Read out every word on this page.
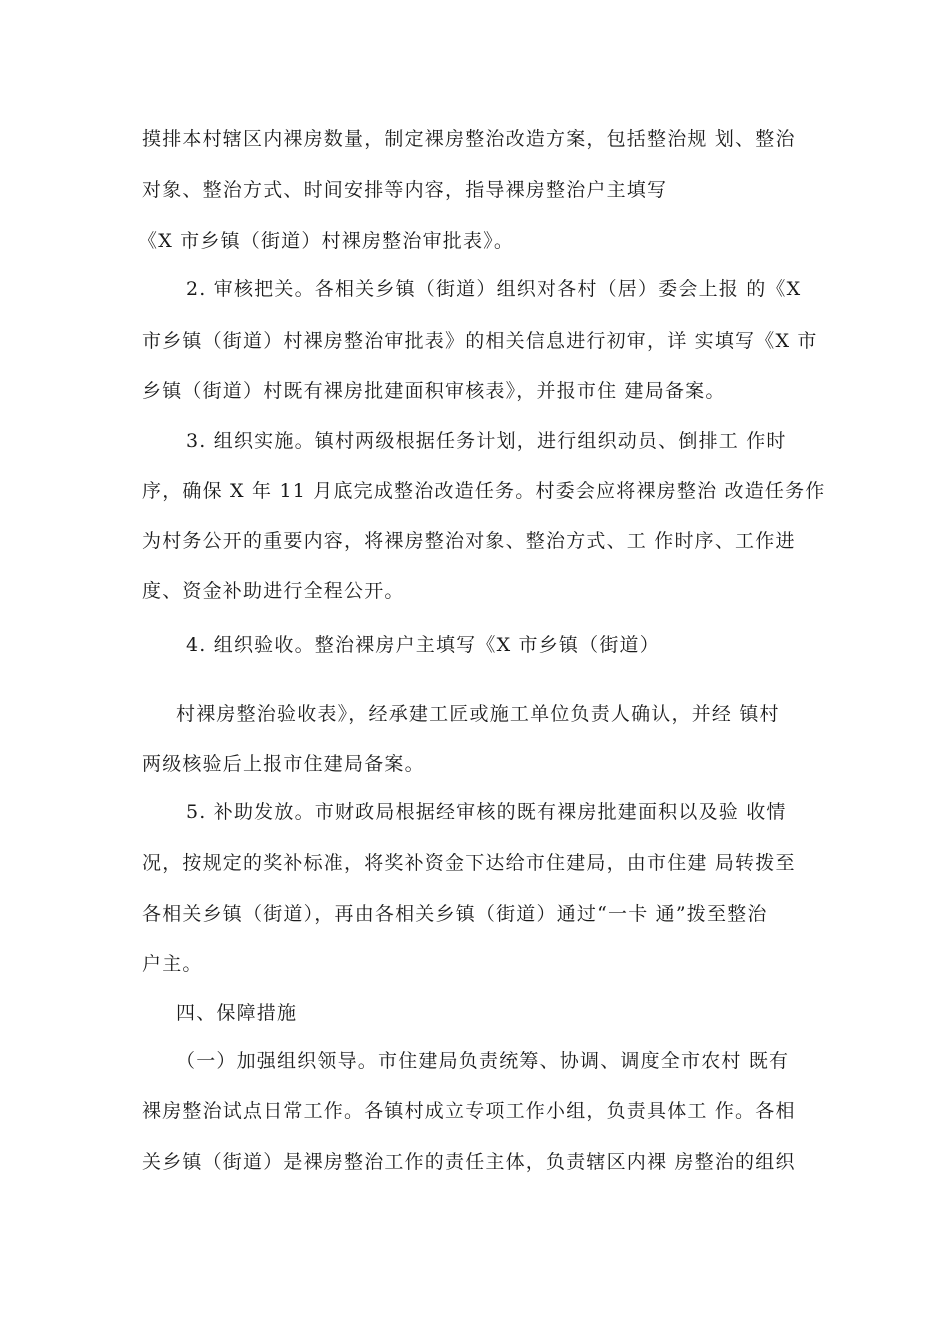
摸排本村辖区内裸房数量，制定裸房整治改造方案，包括整治规 划、整治
对象、整治方式、时间安排等内容，指导裸房整治户主填写
《X 市乡镇（街道）村裸房整治审批表》。
2. 审核把关。各相关乡镇（街道）组织对各村（居）委会上报 的《X
市乡镇（街道）村裸房整治审批表》的相关信息进行初审，详 实填写《X 市
乡镇（街道）村既有裸房批建面积审核表》，并报市住 建局备案。
3. 组织实施。镇村两级根据任务计划，进行组织动员、倒排工 作时
序，确保 X 年 11 月底完成整治改造任务。村委会应将裸房整治 改造任务作
为村务公开的重要内容，将裸房整治对象、整治方式、工 作时序、工作进
度、资金补助进行全程公开。
4. 组织验收。整治裸房户主填写《X 市乡镇（街道）
村裸房整治验收表》，经承建工匠或施工单位负责人确认，并经 镇村
两级核验后上报市住建局备案。
5. 补助发放。市财政局根据经审核的既有裸房批建面积以及验 收情
况，按规定的奖补标准，将奖补资金下达给市住建局，由市住建 局转拨至
各相关乡镇（街道），再由各相关乡镇（街道）通过“一卡 通”拨至整治
户主。
四、保障措施
（一）加强组织领导。市住建局负责统筹、协调、调度全市农村 既有
裸房整治试点日常工作。各镇村成立专项工作小组，负责具体工 作。各相
关乡镇（街道）是裸房整治工作的责任主体，负责辖区内裸 房整治的组织
